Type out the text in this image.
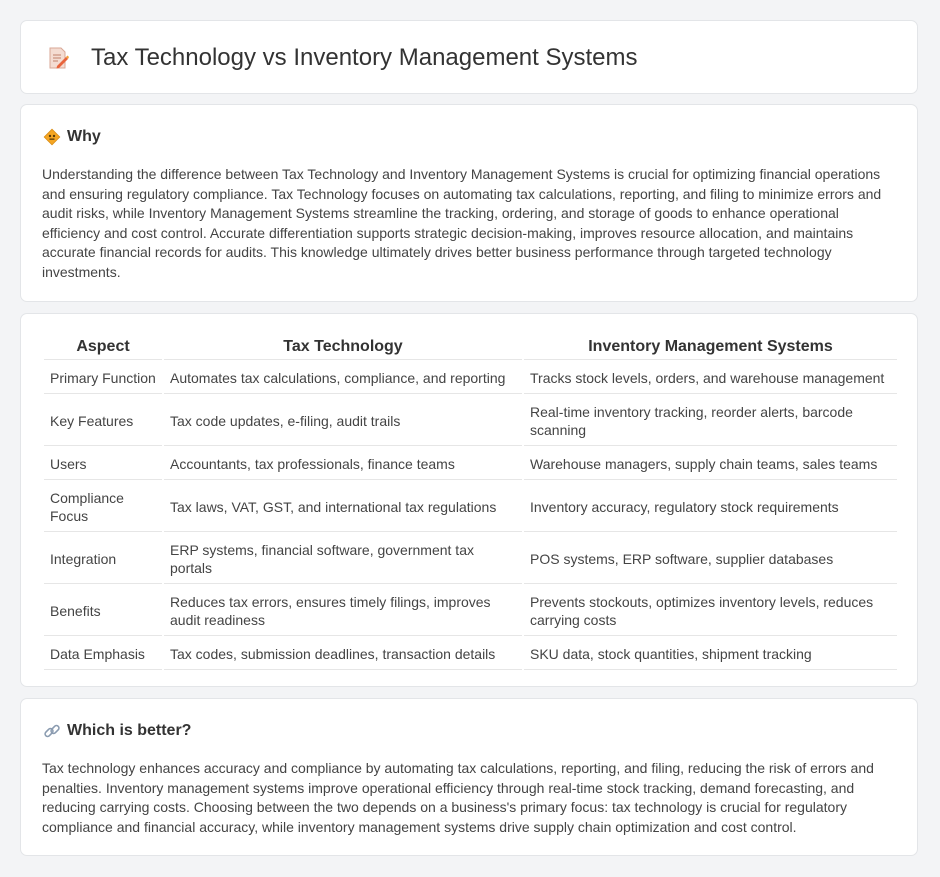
Tax Technology vs Inventory Management Systems
Why

Understanding the difference between Tax Technology and Inventory Management Systems is crucial for optimizing financial operations and ensuring regulatory compliance. Tax Technology focuses on automating tax calculations, reporting, and filing to minimize errors and audit risks, while Inventory Management Systems streamline the tracking, ordering, and storage of goods to enhance operational efficiency and cost control. Accurate differentiation supports strategic decision-making, improves resource allocation, and maintains accurate financial records for audits. This knowledge ultimately drives better business performance through targeted technology investments.

Aspect	Tax Technology	Inventory Management Systems
Primary Function	Automates tax calculations, compliance, and reporting	Tracks stock levels, orders, and warehouse management
Key Features	Tax code updates, e-filing, audit trails	Real-time inventory tracking, reorder alerts, barcode scanning
Users	Accountants, tax professionals, finance teams	Warehouse managers, supply chain teams, sales teams
Compliance Focus	Tax laws, VAT, GST, and international tax regulations	Inventory accuracy, regulatory stock requirements
Integration	ERP systems, financial software, government tax portals	POS systems, ERP software, supplier databases
Benefits	Reduces tax errors, ensures timely filings, improves audit readiness	Prevents stockouts, optimizes inventory levels, reduces carrying costs
Data Emphasis	Tax codes, submission deadlines, transaction details	SKU data, stock quantities, shipment tracking
Which is better?

Tax technology enhances accuracy and compliance by automating tax calculations, reporting, and filing, reducing the risk of errors and penalties. Inventory management systems improve operational efficiency through real-time stock tracking, demand forecasting, and reducing carrying costs. Choosing between the two depends on a business's primary focus: tax technology is crucial for regulatory compliance and financial accuracy, while inventory management systems drive supply chain optimization and cost control.
